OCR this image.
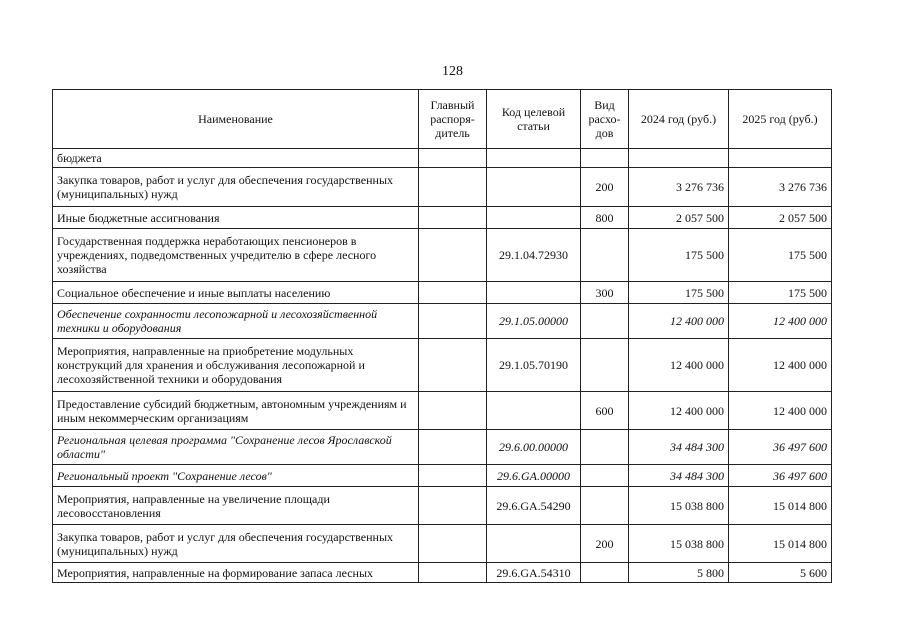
128
Наименование	Главный распоря-дитель	Код целевой статьи	Вид расхо-дов	2024 год (руб.)	2025 год (руб.)
бюджета					
Закупка товаров, работ и услуг для обеспечения государственных (муниципальных) нужд			200	3 276 736	3 276 736
Иные бюджетные ассигнования			800	2 057 500	2 057 500
Государственная поддержка неработающих пенсионеров в учреждениях, подведомственных учредителю в сфере лесного хозяйства		29.1.04.72930		175 500	175 500
Социальное обеспечение и иные выплаты населению			300	175 500	175 500
Обеспечение сохранности лесопожарной и лесохозяйственной техники и оборудования		29.1.05.00000		12 400 000	12 400 000
Мероприятия, направленные на приобретение модульных конструкций для хранения и обслуживания лесопожарной и лесохозяйственной техники и оборудования		29.1.05.70190		12 400 000	12 400 000
Предоставление субсидий бюджетным, автономным учреждениям и иным некоммерческим организациям			600	12 400 000	12 400 000
Региональная целевая программа "Сохранение лесов Ярославской области"		29.6.00.00000		34 484 300	36 497 600
Региональный проект "Сохранение лесов"		29.6.GA.00000		34 484 300	36 497 600
Мероприятия, направленные на увеличение площади лесовосстановления		29.6.GA.54290		15 038 800	15 014 800
Закупка товаров, работ и услуг для обеспечения государственных (муниципальных) нужд			200	15 038 800	15 014 800
Мероприятия, направленные на формирование запаса лесных		29.6.GA.54310		5 800	5 600
